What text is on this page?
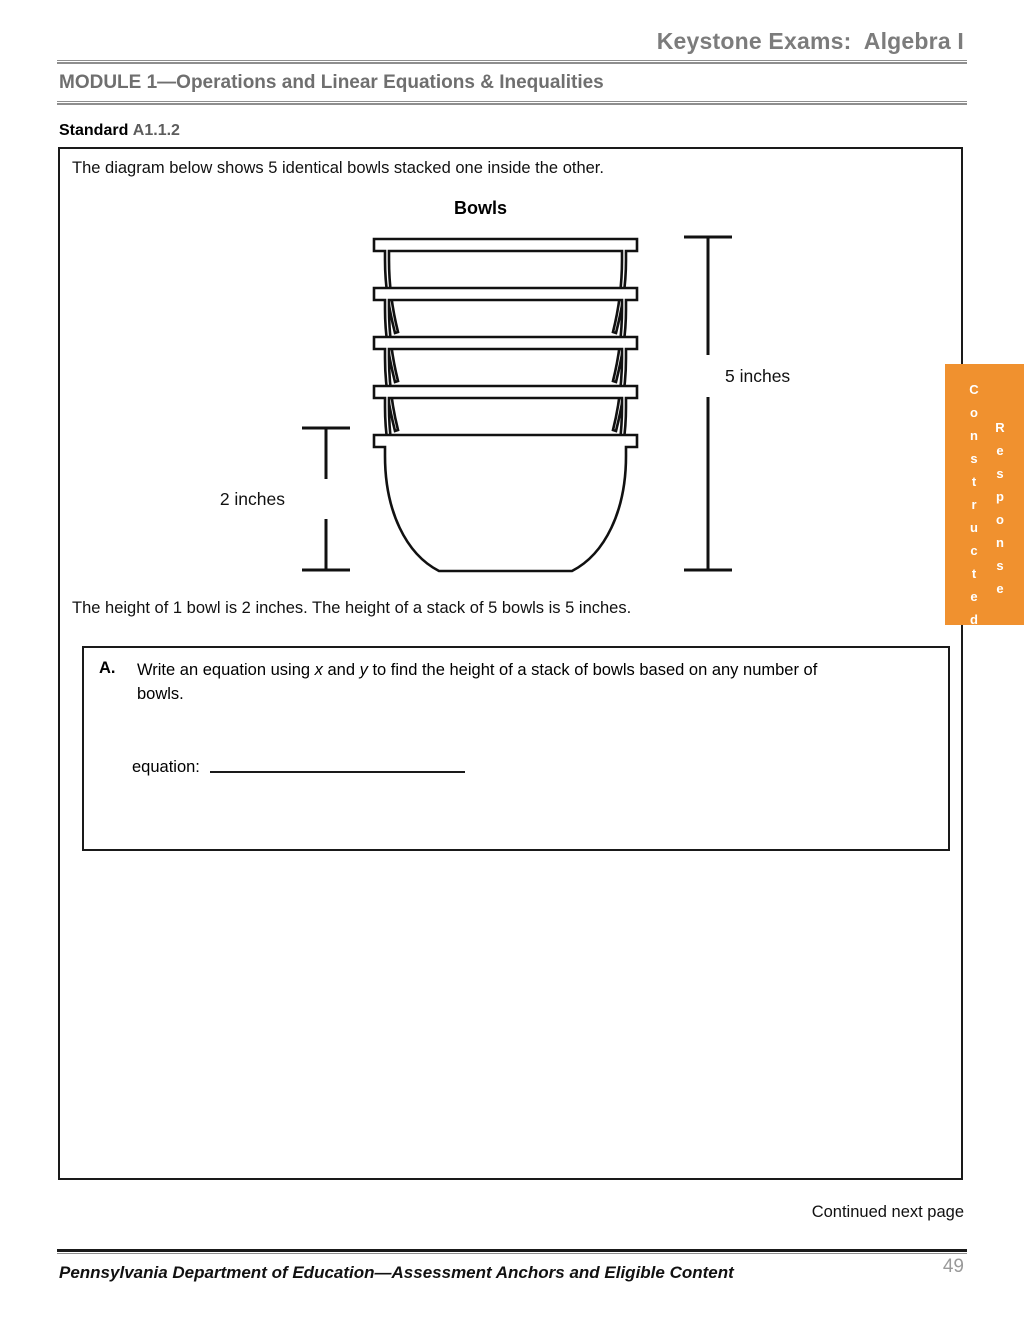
Keystone Exams:  Algebra I
MODULE 1—Operations and Linear Equations & Inequalities
Standard A1.1.2
The diagram below shows 5 identical bowls stacked one inside the other.
Bowls
2 inches
5 inches
The height of 1 bowl is 2 inches. The height of a stack of 5 bowls is 5 inches.
A. Write an equation using x and y to find the height of a stack of bowls based on any number of bowls.
equation:
C
o
n
s
t
r
u
c
t
e
d
R
e
s
p
o
n
s
e
Continued next page
Pennsylvania Department of Education—Assessment Anchors and Eligible Content	49
